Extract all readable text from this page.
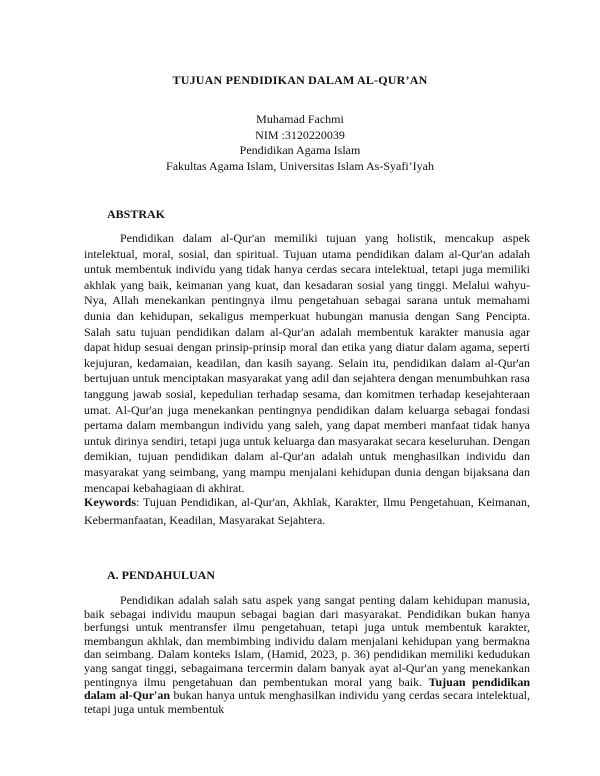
TUJUAN PENDIDIKAN DALAM AL-QUR’AN
Muhamad Fachmi
NIM :3120220039
Pendidikan Agama Islam
Fakultas Agama Islam, Universitas Islam As-Syafi’Iyah
ABSTRAK

Pendidikan dalam al-Qur'an memiliki tujuan yang holistik, mencakup aspek intelektual, moral, sosial, dan spiritual. Tujuan utama pendidikan dalam al-Qur'an adalah untuk membentuk individu yang tidak hanya cerdas secara intelektual, tetapi juga memiliki akhlak yang baik, keimanan yang kuat, dan kesadaran sosial yang tinggi. Melalui wahyu-Nya, Allah menekankan pentingnya ilmu pengetahuan sebagai sarana untuk memahami dunia dan kehidupan, sekaligus memperkuat hubungan manusia dengan Sang Pencipta. Salah satu tujuan pendidikan dalam al-Qur'an adalah membentuk karakter manusia agar dapat hidup sesuai dengan prinsip-prinsip moral dan etika yang diatur dalam agama, seperti kejujuran, kedamaian, keadilan, dan kasih sayang. Selain itu, pendidikan dalam al-Qur'an bertujuan untuk menciptakan masyarakat yang adil dan sejahtera dengan menumbuhkan rasa tanggung jawab sosial, kepedulian terhadap sesama, dan komitmen terhadap kesejahteraan umat. Al-Qur'an juga menekankan pentingnya pendidikan dalam keluarga sebagai fondasi pertama dalam membangun individu yang saleh, yang dapat memberi manfaat tidak hanya untuk dirinya sendiri, tetapi juga untuk keluarga dan masyarakat secara keseluruhan. Dengan demikian, tujuan pendidikan dalam al-Qur'an adalah untuk menghasilkan individu dan masyarakat yang seimbang, yang mampu menjalani kehidupan dunia dengan bijaksana dan mencapai kebahagiaan di akhirat.

Keywords: Tujuan Pendidikan, al-Qur'an, Akhlak, Karakter, Ilmu Pengetahuan, Keimanan, Kebermanfaatan, Keadilan, Masyarakat Sejahtera.

A. PENDAHULUAN

Pendidikan adalah salah satu aspek yang sangat penting dalam kehidupan manusia, baik sebagai individu maupun sebagai bagian dari masyarakat. Pendidikan bukan hanya berfungsi untuk mentransfer ilmu pengetahuan, tetapi juga untuk membentuk karakter, membangun akhlak, dan membimbing individu dalam menjalani kehidupan yang bermakna dan seimbang. Dalam konteks Islam, (Hamid, 2023, p. 36) pendidikan memiliki kedudukan yang sangat tinggi, sebagaimana tercermin dalam banyak ayat al-Qur'an yang menekankan pentingnya ilmu pengetahuan dan pembentukan moral yang baik. Tujuan pendidikan dalam al-Qur'an bukan hanya untuk menghasilkan individu yang cerdas secara intelektual, tetapi juga untuk membentuk
